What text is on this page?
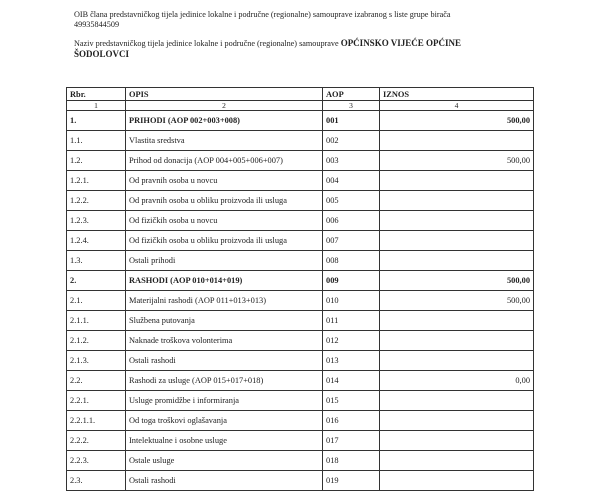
OIB člana predstavničkog tijela jedinice lokalne i područne (regionalne) samouprave izabranog s liste grupe birača
49935844509
Naziv predstavničkog tijela jedinice lokalne i područne (regionalne) samouprave OPĆINSKO VIJEĆE OPĆINE
ŠODOLOVCI
Rbr.	OPIS	AOP	IZNOS
1	2	3	4
1.	PRIHODI (AOP 002+003+008)	001	500,00
1.1.	Vlastita sredstva	002	
1.2.	Prihod od donacija (AOP 004+005+006+007)	003	500,00
1.2.1.	Od pravnih osoba u novcu	004	
1.2.2.	Od pravnih osoba u obliku proizvoda ili usluga	005	
1.2.3.	Od fizičkih osoba u novcu	006	
1.2.4.	Od fizičkih osoba u obliku proizvoda ili usluga	007	
1.3.	Ostali prihodi	008	
2.	RASHODI (AOP 010+014+019)	009	500,00
2.1.	Materijalni rashodi (AOP 011+013+013)	010	500,00
2.1.1.	Službena putovanja	011	
2.1.2.	Naknade troškova volonterima	012	
2.1.3.	Ostali rashodi	013	
2.2.	Rashodi za usluge (AOP 015+017+018)	014	0,00
2.2.1.	Usluge promidžbe i informiranja	015	
2.2.1.1.	Od toga troškovi oglašavanja	016	
2.2.2.	Intelektualne i osobne usluge	017	
2.2.3.	Ostale usluge	018	
2.3.	Ostali rashodi	019	
